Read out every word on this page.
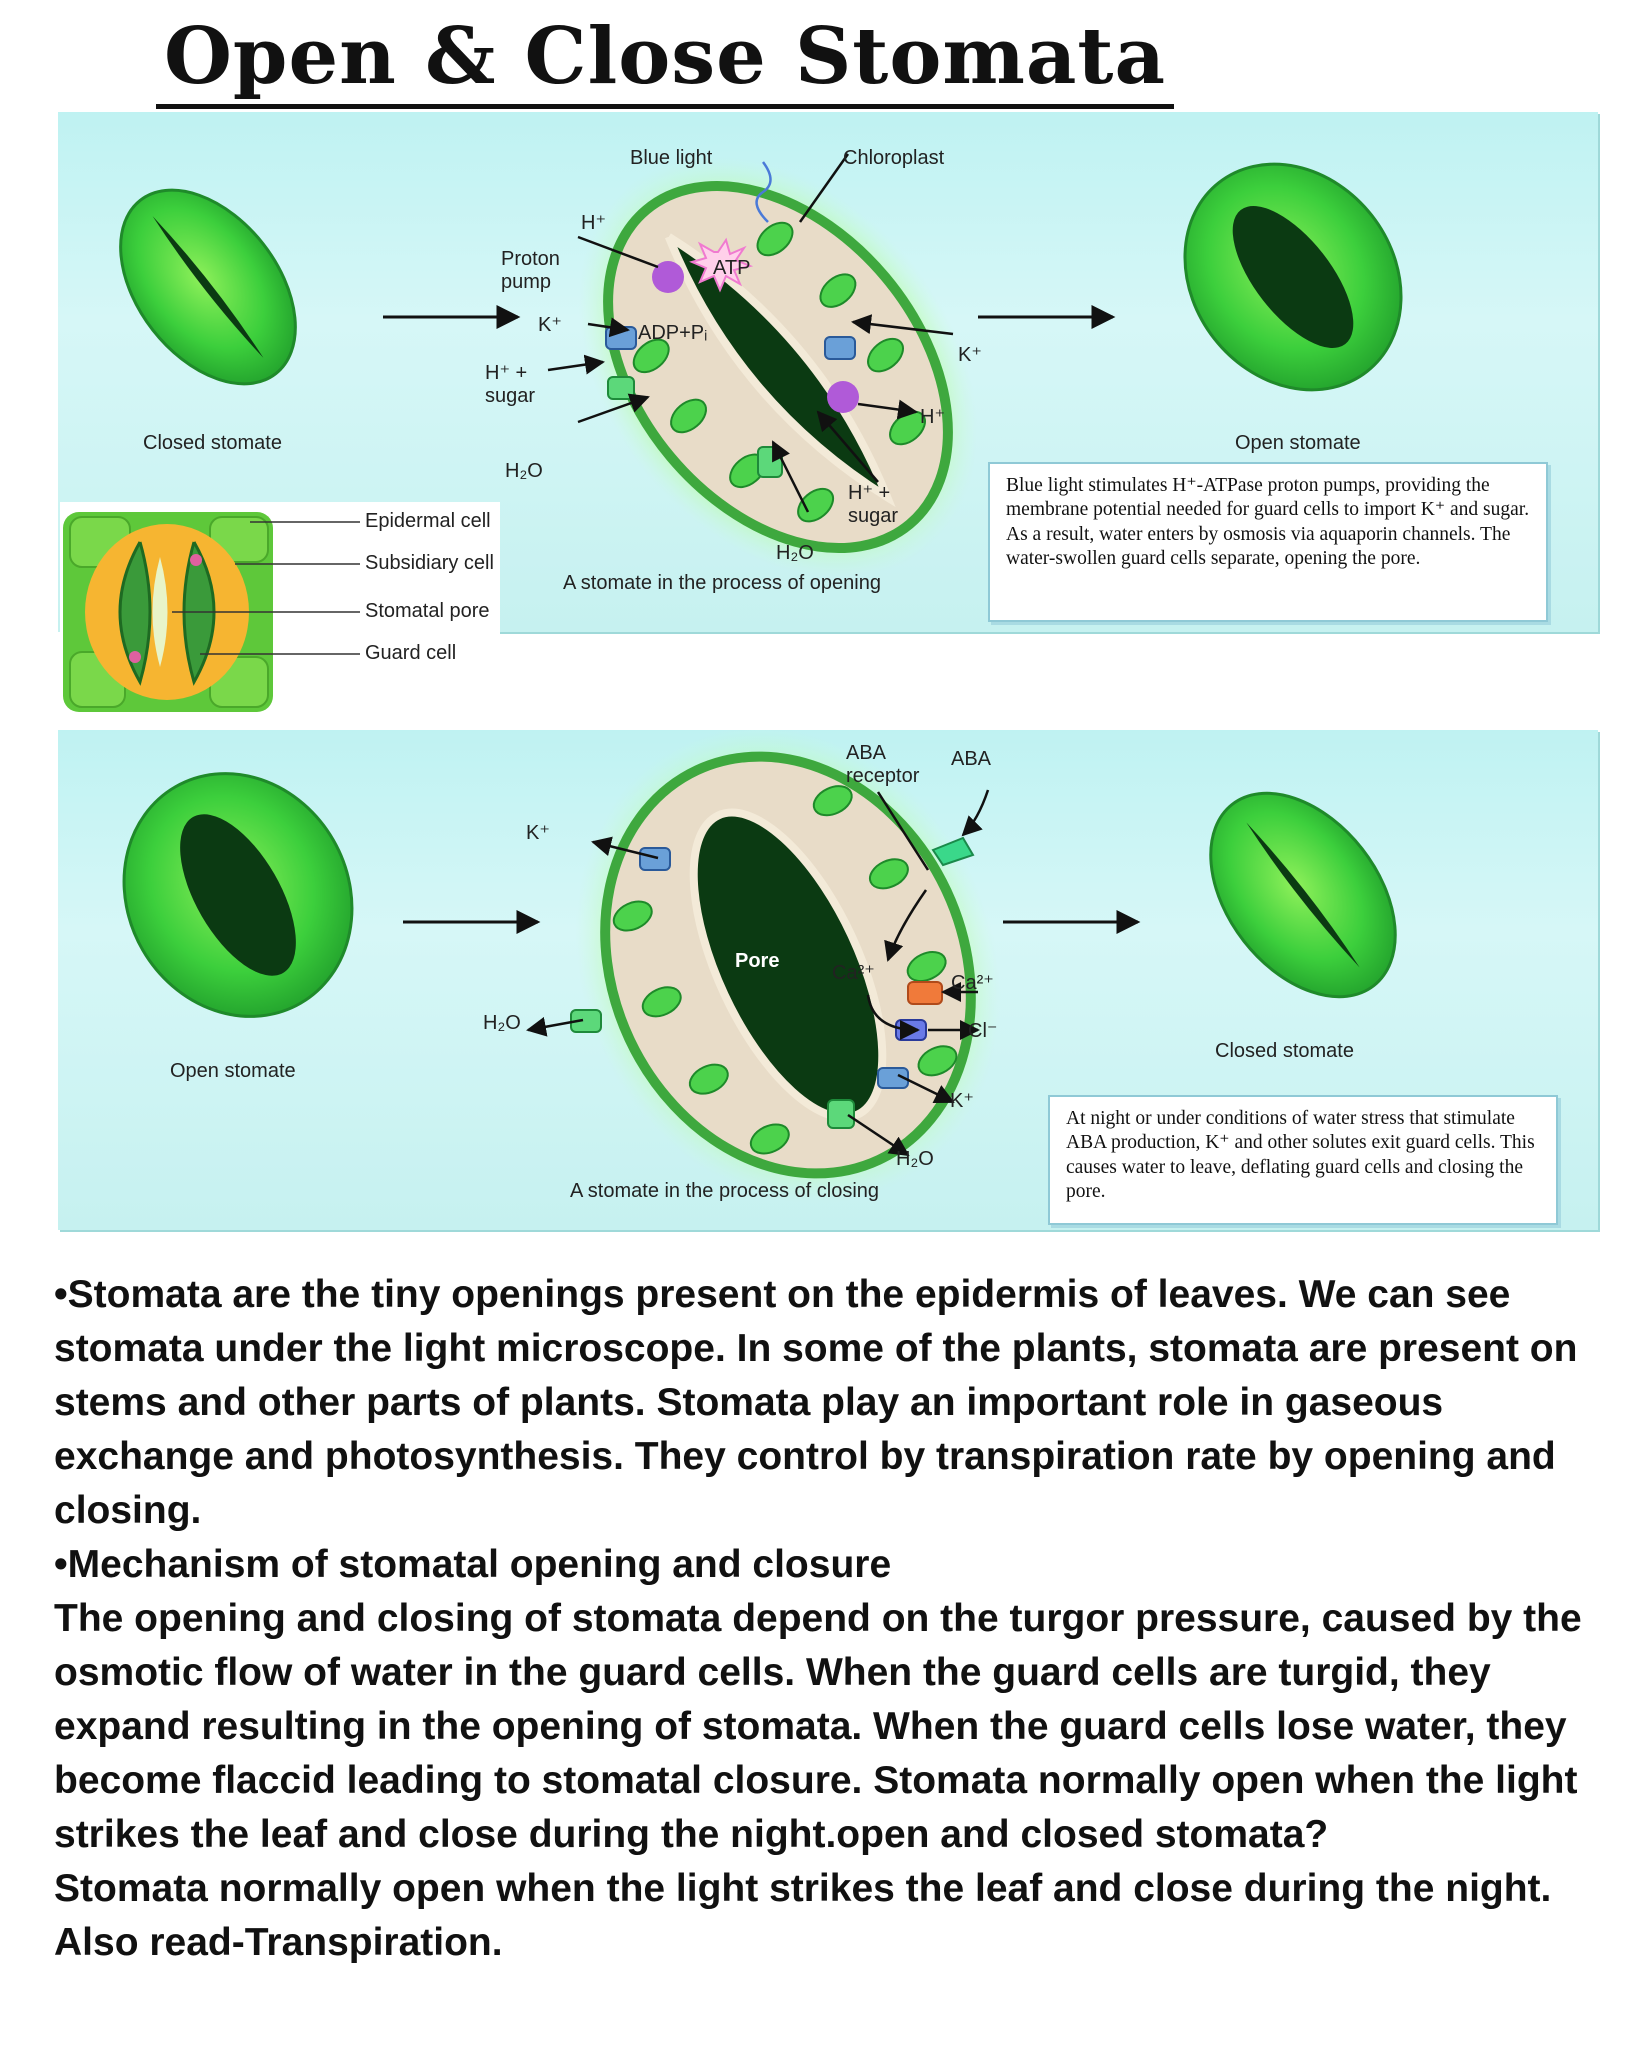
Open & Close Stomata
Blue light	Chloroplast
H⁺
Proton
pump
ATP
K⁺	ADP+Pᵢ
K⁺
H⁺ +
sugar
H⁺
H₂O
H⁺ +
sugar
H₂O
Closed stomate	Open stomate
A stomate in the process of opening
Blue light stimulates H⁺-ATPase proton pumps, providing the membrane potential needed for guard cells to import K⁺ and sugar. As a result, water enters by osmosis via aquaporin channels. The water-swollen guard cells separate, opening the pore.
Epidermal cell
Subsidiary cell
Stomatal pore
Guard cell
ABA
receptor
ABA
K⁺
Pore
Ca²⁺	Ca²⁺
Cl⁻
H₂O
K⁺
H₂O
Open stomate
Closed stomate
A stomate in the process of closing
At night or under conditions of water stress that stimulate ABA production, K⁺ and other solutes exit guard cells. This causes water to leave, deflating guard cells and closing the pore.

•Stomata are the tiny openings present on the epidermis of leaves. We can see stomata under the light microscope. In some of the plants, stomata are present on stems and other parts of plants. Stomata play an important role in gaseous exchange and photosynthesis. They control by transpiration rate by opening and closing.

•Mechanism of stomatal opening and closure

The opening and closing of stomata depend on the turgor pressure, caused by the osmotic flow of water in the guard cells. When the guard cells are turgid, they expand resulting in the opening of stomata. When the guard cells lose water, they become flaccid leading to stomatal closure. Stomata normally open when the light strikes the leaf and close during the night.open and closed stomata?

Stomata normally open when the light strikes the leaf and close during the night. Also read-Transpiration.
